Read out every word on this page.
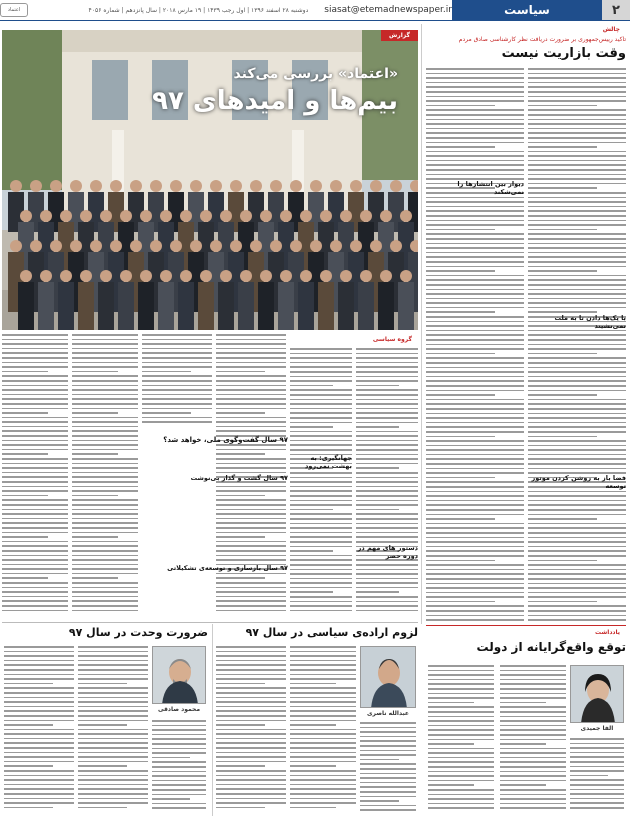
اعتماد	دوشنبه ۲۸ اسفند ۱۳۹۶ | اول رجب ۱۴۳۹ | ۱۹ مارس ۲۰۱۸ | سال پانزدهم | شماره ۴۰۵۶ siasat@etemadnewspaper.ir	سیاست	۲
چالش
تاکید رییس‌جمهوری بر ضرورت دریافت نظر کارشناسی صادق مردم
وقت بازاریت نیست
دیوار بین انتشارها را نمی‌شکند
با یک‌ها دادن تا به ملت نمی‌نشیند
فضا باز به روشن کردن موتور توسعه
یادداشت
توقع واقع‌گرایانه از دولت
الفا جمیدی
گزارش
«اعتماد» بررسی می‌کند
بیم‌ها و امیدهای ۹۷
گروه سیاسی
جهانگیری: به بهشت نمی‌رود
دستور های مهم در دوره حصر
۹۷ سال گفت‌وگوی ملی، خواهد شد؟
۹۷ سال گشت و گذار بی‌نوشت
۹۷ سال بازسازی و توسعه‌ی تشکیلاتی
لزوم اراده‌ی سیاسی در سال ۹۷
عبدالله ناصری
ضرورت وحدت در سال ۹۷
محمود صادقی
